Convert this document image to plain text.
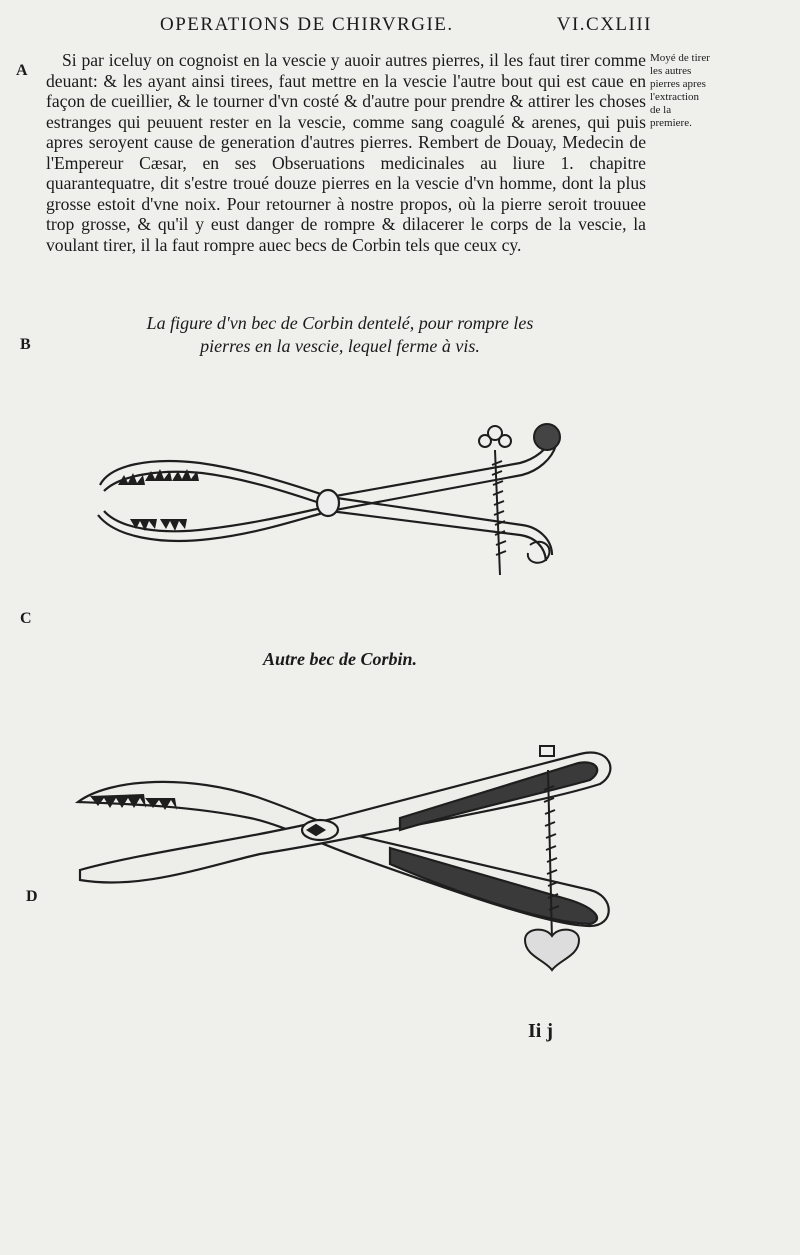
OPERATIONS DE CHIRVRGIE.	VI.CXLIII
A

Si par iceluy on cognoist en la vescie y auoir autres pierres, il les faut tirer comme deuant: & les ayant ainsi tirees, faut mettre en la vescie l'autre bout qui est caue en façon de cueillier, & le tourner d'vn costé & d'autre pour prendre & attirer les choses estranges qui peuuent rester en la vescie, comme sang coagulé & arenes, qui puis apres seroyent cause de generation d'autres pierres. Rembert de Douay, Medecin de l'Empereur Cæsar, en ses Obseruations medicinales au liure 1. chapitre quarantequatre, dit s'estre troué douze pierres en la vescie d'vn homme, dont la plus grosse estoit d'vne noix. Pour retourner à nostre propos, où la pierre seroit trouuee trop grosse, & qu'il y eust danger de rompre & dilacerer le corps de la vescie, la voulant tirer, il la faut rompre auec becs de Corbin tels que ceux cy.

Moyé de tirer les autres pierres apres l'extraction de la premiere.
B
La figure d'vn bec de Corbin dentelé, pour rompre les
pierres en la vescie, lequel ferme à vis.
C
Autre bec de Corbin.
D
Ii j
